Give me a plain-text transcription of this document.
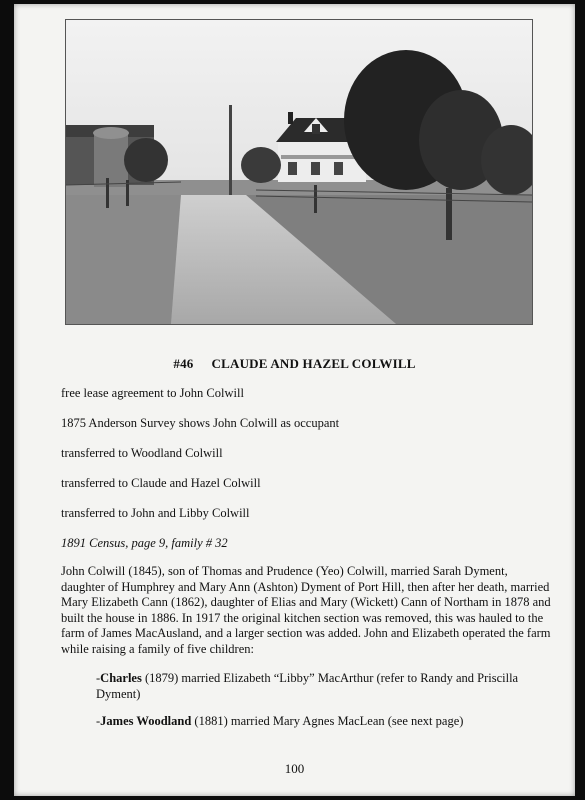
#46 CLAUDE AND HAZEL COLWILL
free lease agreement to John Colwill
1875 Anderson Survey shows John Colwill as occupant
transferred to Woodland Colwill
transferred to Claude and Hazel Colwill
transferred to John and Libby Colwill
1891 Census, page 9, family # 32
John Colwill (1845), son of Thomas and Prudence (Yeo) Colwill, married Sarah Dyment, daughter of Humphrey and Mary Ann (Ashton) Dyment of Port Hill, then after her death, married Mary Elizabeth Cann (1862), daughter of Elias and Mary (Wickett) Cann of Northam in 1878 and built the house in 1886. In 1917 the original kitchen section was removed, this was hauled to the farm of James MacAusland, and a larger section was added. John and Elizabeth operated the farm while raising a family of five children:
-Charles (1879) married Elizabeth “Libby” MacArthur (refer to Randy and Priscilla Dyment)
-James Woodland (1881) married Mary Agnes MacLean (see next page)
100
